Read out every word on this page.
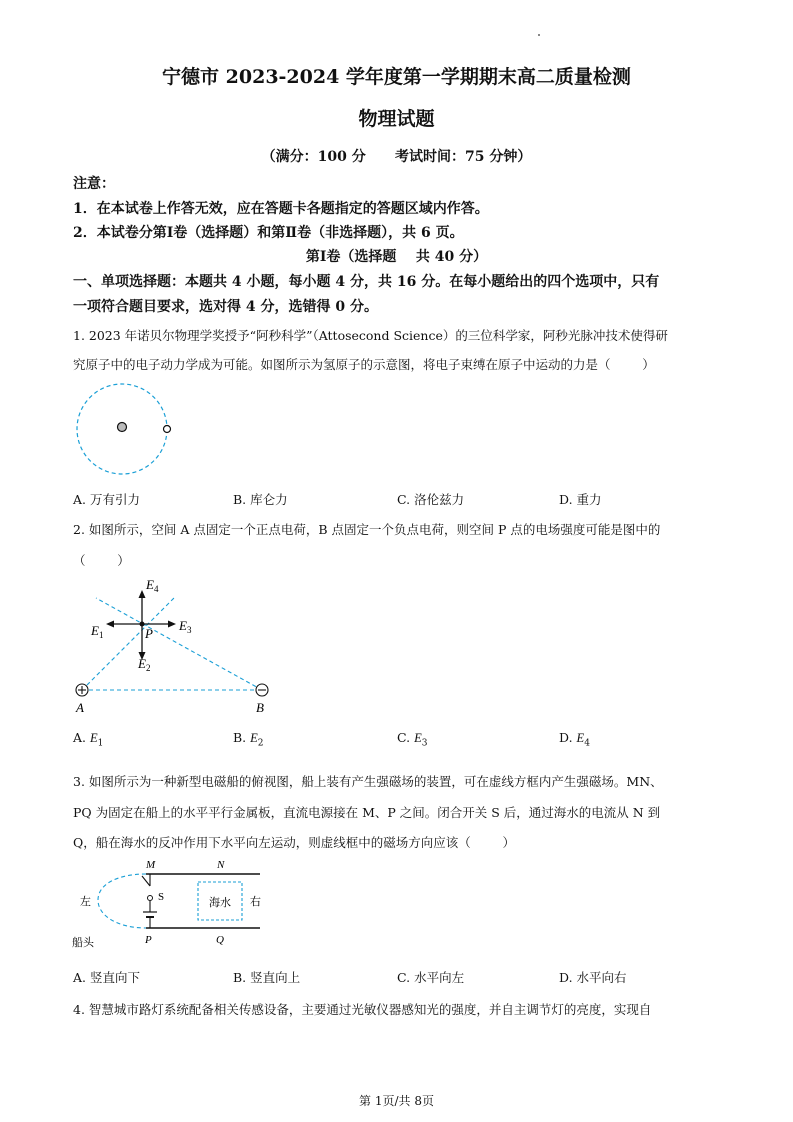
宁德市 2023-2024 学年度第一学期期末高二质量检测
物理试题
（满分：100 分      考试时间：75 分钟）
注意：
1．在本试卷上作答无效，应在答题卡各题指定的答题区域内作答。
2．本试卷分第Ⅰ卷（选择题）和第Ⅱ卷（非选择题），共 6 页。
第Ⅰ卷（选择题    共 40 分）
一、单项选择题：本题共 4 小题，每小题 4 分，共 16 分。在每小题给出的四个选项中，只有
一项符合题目要求，选对得 4 分，选错得 0 分。
1. 2023 年诺贝尔物理学奖授予“阿秒科学”（Attosecond Science）的三位科学家，阿秒光脉冲技术使得研
究原子中的电子动力学成为可能。如图所示为氢原子的示意图，将电子束缚在原子中运动的力是（        ）
A. 万有引力	B. 库仑力	C. 洛伦兹力	D. 重力
2. 如图所示，空间 A 点固定一个正点电荷，B 点固定一个负点电荷，则空间 P 点的电场强度可能是图中的
（        ）
$E_4$
$E_1$
$E_3$
$E_2$
P
A	B
A. $E_1$	B. $E_2$	C. $E_3$	D. $E_4$
3. 如图所示为一种新型电磁船的俯视图，船上装有产生强磁场的装置，可在虚线方框内产生强磁场。MN、
PQ 为固定在船上的水平平行金属板，直流电源接在 M、P 之间。闭合开关 S 后，通过海水的电流从 N 到
Q，船在海水的反冲作用下水平向左运动，则虚线框中的磁场方向应该（        ）
M	N
S
P	Q
左	右
海水
船头
A. 竖直向下	B. 竖直向上	C. 水平向左	D. 水平向右
4. 智慧城市路灯系统配备相关传感设备，主要通过光敏仪器感知光的强度，并自主调节灯的亮度，实现自
第 1页/共 8页
